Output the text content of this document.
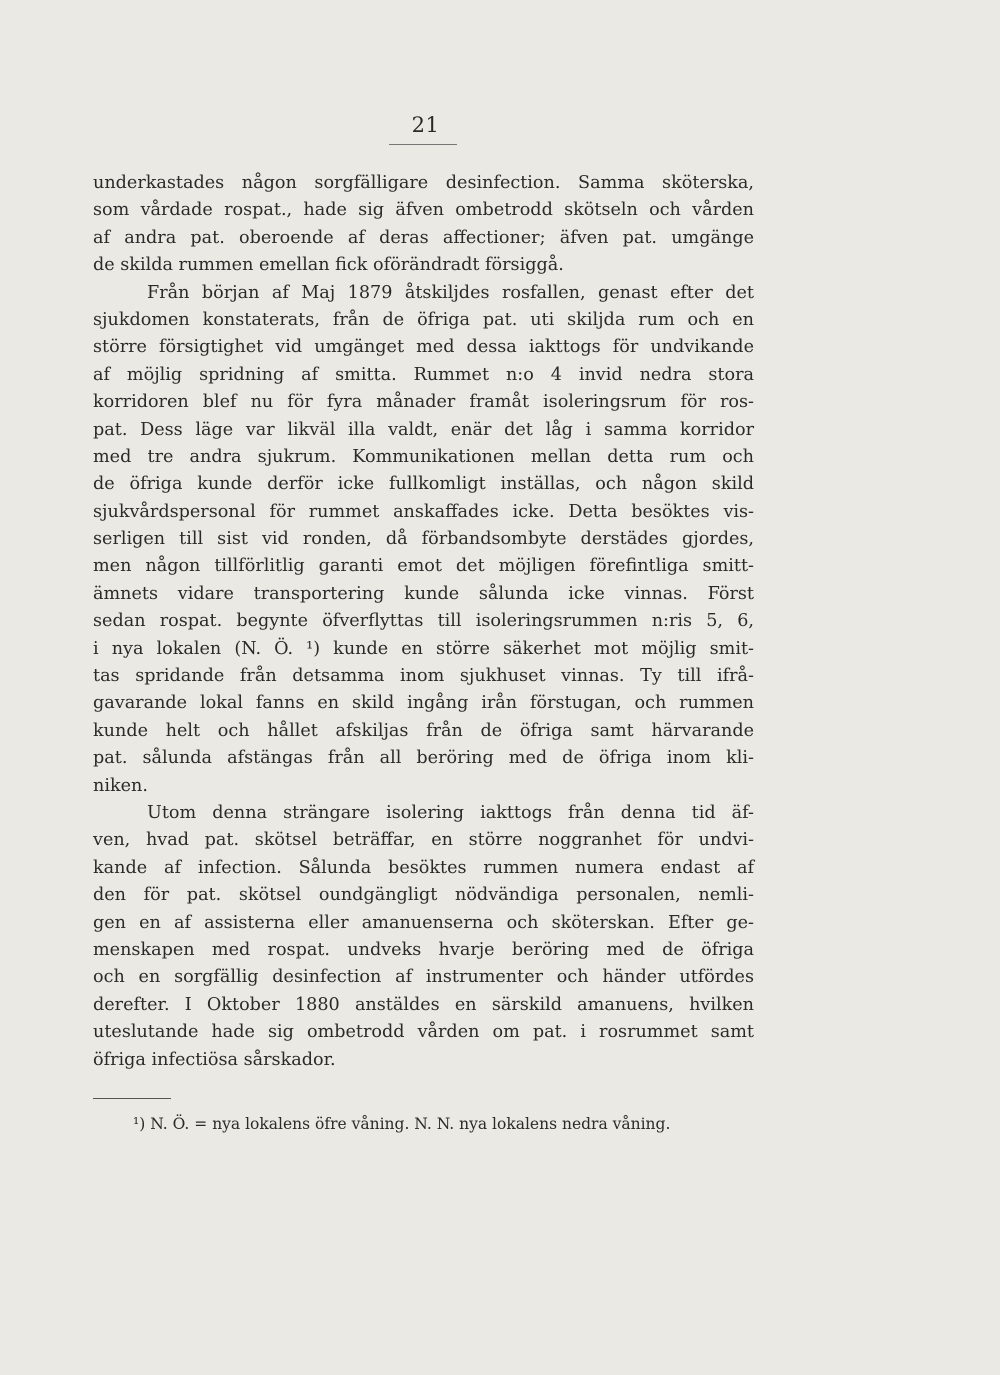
21
underkastades någon sorgfälligare desinfection. Samma sköterska,
som vårdade rospat., hade sig äfven ombetrodd skötseln och vården
af andra pat. oberoende af deras affectioner; äfven pat. umgänge
de skilda rummen emellan fick oförändradt försiggå.
Från början af Maj 1879 åtskiljdes rosfallen, genast efter det
sjukdomen konstaterats, från de öfriga pat. uti skiljda rum och en
större försigtighet vid umgänget med dessa iakttogs för undvikande
af möjlig spridning af smitta. Rummet n:o 4 invid nedra stora
korridoren blef nu för fyra månader framåt isoleringsrum för ros-
pat. Dess läge var likväl illa valdt, enär det låg i samma korridor
med tre andra sjukrum. Kommunikationen mellan detta rum och
de öfriga kunde derför icke fullkomligt inställas, och någon skild
sjukvårdspersonal för rummet anskaffades icke. Detta besöktes vis-
serligen till sist vid ronden, då förbandsombyte derstädes gjordes,
men någon tillförlitlig garanti emot det möjligen förefintliga smitt-
ämnets vidare transportering kunde sålunda icke vinnas. Först
sedan rospat. begynte öfverflyttas till isoleringsrummen n:ris 5, 6,
i nya lokalen (N. Ö. ¹) kunde en större säkerhet mot möjlig smit-
tas spridande från detsamma inom sjukhuset vinnas. Ty till ifrå-
gavarande lokal fanns en skild ingång irån förstugan, och rummen
kunde helt och hållet afskiljas från de öfriga samt härvarande
pat. sålunda afstängas från all beröring med de öfriga inom kli-
niken.
Utom denna strängare isolering iakttogs från denna tid äf-
ven, hvad pat. skötsel beträffar, en större noggranhet för undvi-
kande af infection. Sålunda besöktes rummen numera endast af
den för pat. skötsel oundgängligt nödvändiga personalen, nemli-
gen en af assisterna eller amanuenserna och sköterskan. Efter ge-
menskapen med rospat. undveks hvarje beröring med de öfriga
och en sorgfällig desinfection af instrumenter och händer utfördes
derefter. I Oktober 1880 anstäldes en särskild amanuens, hvilken
uteslutande hade sig ombetrodd vården om pat. i rosrummet samt
öfriga infectiösa sårskador.
¹) N. Ö. = nya lokalens öfre våning. N. N. nya lokalens nedra våning.
